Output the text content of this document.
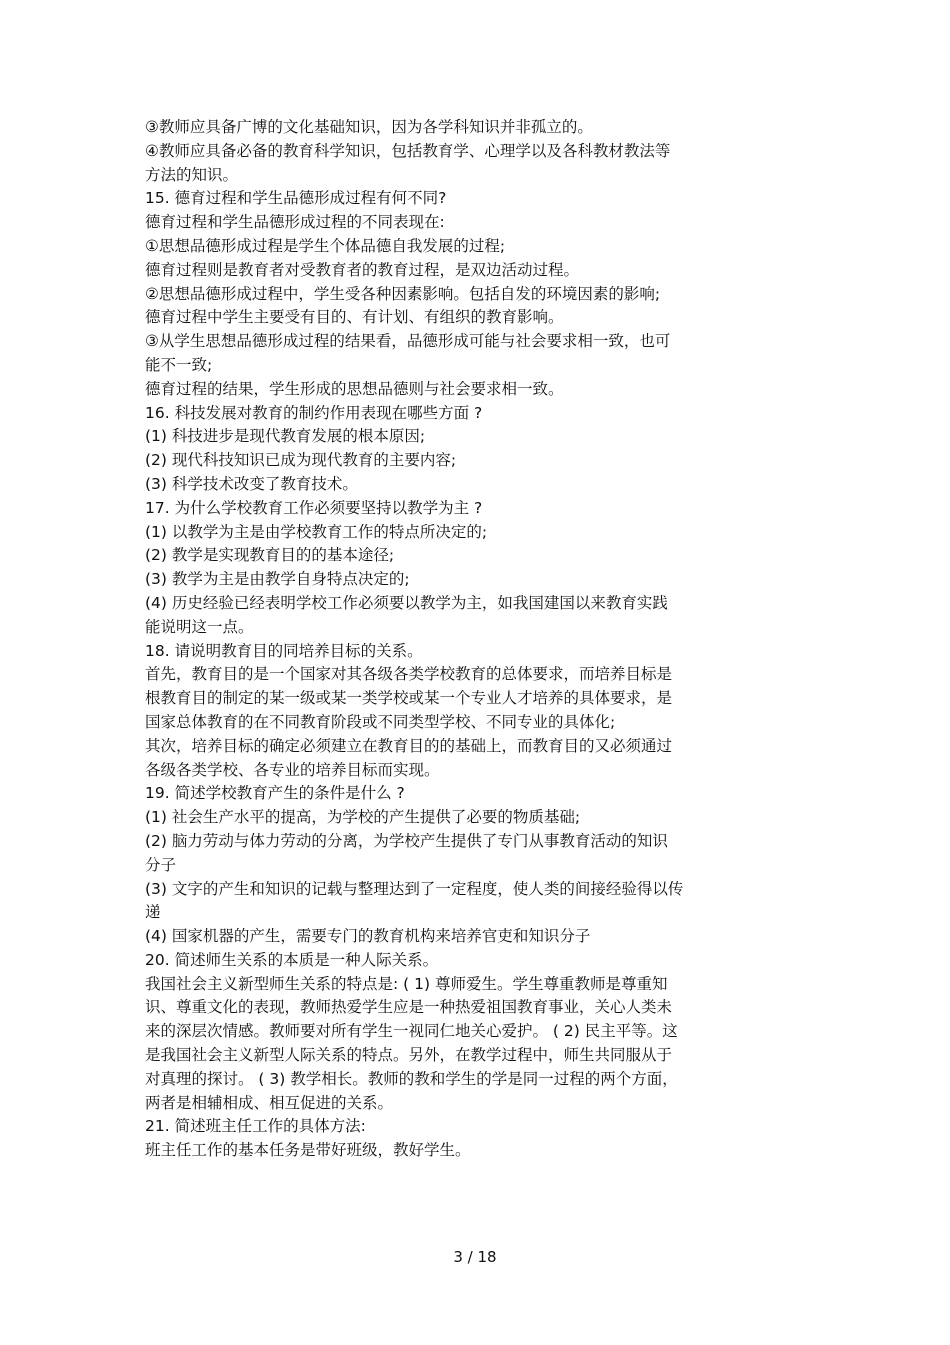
③教师应具备广博的文化基础知识，因为各学科知识并非孤立的。
④教师应具备必备的教育科学知识，包括教育学、心理学以及各科教材教法等
方法的知识。
15. 德育过程和学生品德形成过程有何不同?
德育过程和学生品德形成过程的不同表现在:
①思想品德形成过程是学生个体品德自我发展的过程;
德育过程则是教育者对受教育者的教育过程，是双边活动过程。
②思想品德形成过程中，学生受各种因素影响。包括自发的环境因素的影响;
德育过程中学生主要受有目的、有计划、有组织的教育影响。
③从学生思想品德形成过程的结果看，品德形成可能与社会要求相一致，也可
能不一致;
德育过程的结果，学生形成的思想品德则与社会要求相一致。
16. 科技发展对教育的制约作用表现在哪些方面 ?
(1) 科技进步是现代教育发展的根本原因;
(2) 现代科技知识已成为现代教育的主要内容;
(3) 科学技术改变了教育技术。
17. 为什么学校教育工作必须要坚持以教学为主 ?
(1) 以教学为主是由学校教育工作的特点所决定的;
(2) 教学是实现教育目的的基本途径;
(3) 教学为主是由教学自身特点决定的;
(4) 历史经验已经表明学校工作必须要以教学为主，如我国建国以来教育实践
能说明这一点。
18. 请说明教育目的同培养目标的关系。
首先，教育目的是一个国家对其各级各类学校教育的总体要求，而培养目标是
根教育目的制定的某一级或某一类学校或某一个专业人才培养的具体要求，是
国家总体教育的在不同教育阶段或不同类型学校、不同专业的具体化;
其次，培养目标的确定必须建立在教育目的的基础上，而教育目的又必须通过
各级各类学校、各专业的培养目标而实现。
19. 简述学校教育产生的条件是什么 ?
(1) 社会生产水平的提高，为学校的产生提供了必要的物质基础;
(2) 脑力劳动与体力劳动的分离，为学校产生提供了专门从事教育活动的知识
分子
(3) 文字的产生和知识的记载与整理达到了一定程度，使人类的间接经验得以传
递
(4) 国家机器的产生，需要专门的教育机构来培养官吏和知识分子
20. 简述师生关系的本质是一种人际关系。
我国社会主义新型师生关系的特点是: ( 1) 尊师爱生。学生尊重教师是尊重知
识、尊重文化的表现，教师热爱学生应是一种热爱祖国教育事业，关心人类未
来的深层次情感。教师要对所有学生一视同仁地关心爱护。 ( 2) 民主平等。这
是我国社会主义新型人际关系的特点。另外，在教学过程中，师生共同服从于
对真理的探讨。 ( 3) 教学相长。教师的教和学生的学是同一过程的两个方面，
两者是相辅相成、相互促进的关系。
21. 简述班主任工作的具体方法:
班主任工作的基本任务是带好班级，教好学生。
3 / 18
